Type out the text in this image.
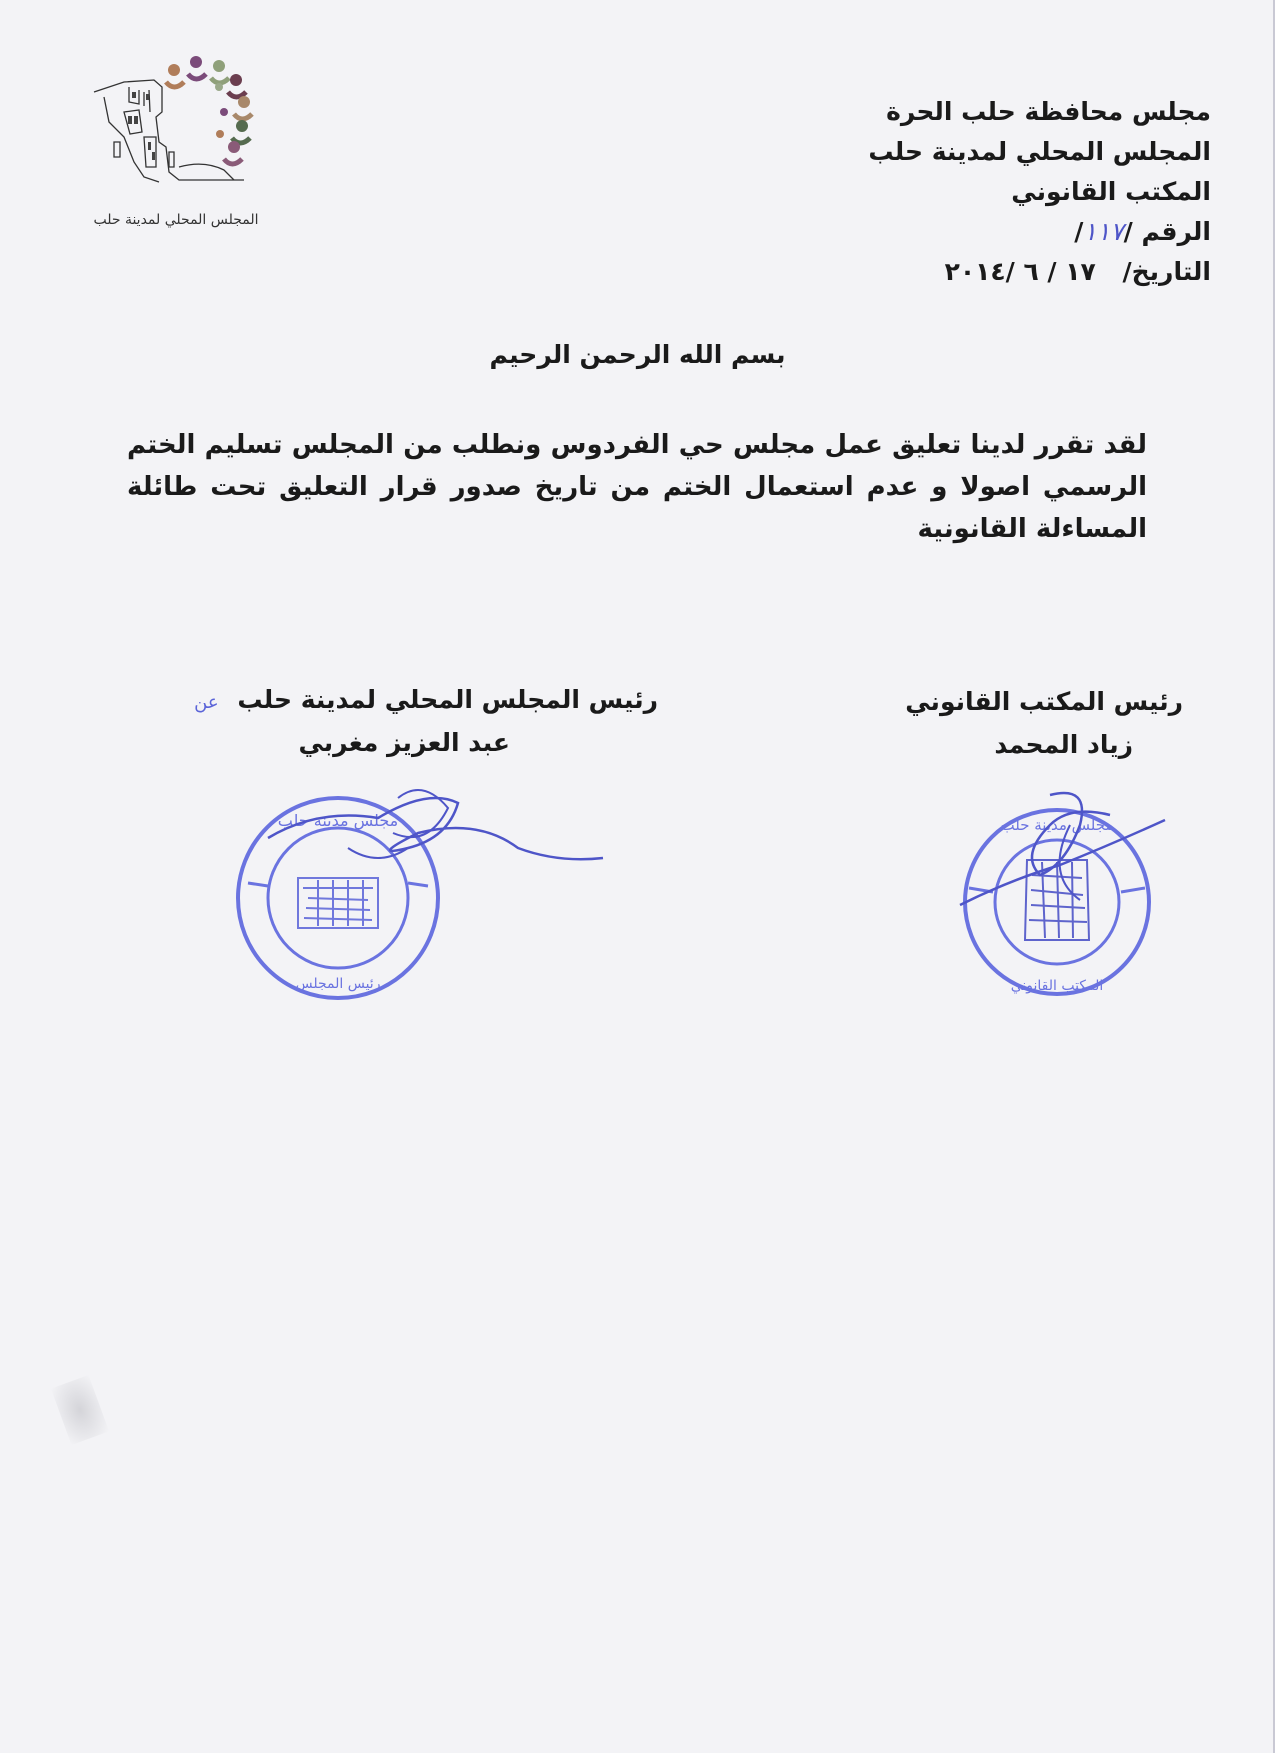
المجلس المحلي لمدينة حلب
مجلس محافظة حلب الحرة
المجلس المحلي لمدينة حلب
المكتب القانوني
الرقم /١١٧/
التاريخ/ ١٧ / ٦ /٢٠١٤
بسم الله الرحمن الرحيم
لقد تقرر لدينا تعليق عمل مجلس حي الفردوس ونطلب من المجلس تسليم الختم الرسمي اصولا و عدم استعمال الختم من تاريخ صدور قرار التعليق تحت طائلة المساءلة القانونية
رئيس المكتب القانوني
زياد المحمد
رئيس المجلس المحلي لمدينة حلب عن
عبد العزيز مغربي
رئيس المجلس
مجلس مدينة حلب
المكتب القانوني
مجلس مدينة حلب
